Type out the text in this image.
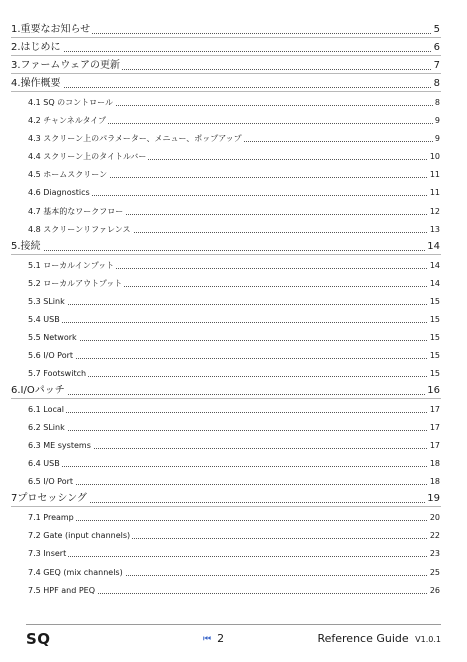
1.重要なお知らせ	5
2.はじめに	6
3.ファームウェアの更新	7
4.操作概要	8
4.1 SQ のコントロール	8
4.2 チャンネルタイプ	9
4.3 スクリーン上のパラメーター、メニュー、ポップアップ	9
4.4 スクリーン上のタイトルバー	10
4.5 ホームスクリーン	11
4.6 Diagnostics	11
4.7 基本的なワークフロー	12
4.8 スクリーンリファレンス	13
5.接続	14
5.1 ローカルインプット	14
5.2 ローカルアウトプット	14
5.3 SLink	15
5.4 USB	15
5.5 Network	15
5.6 I/O Port	15
5.7 Footswitch	15
6.I/Oパッチ	16
6.1 Local	17
6.2 SLink	17
6.3 ME systems	17
6.4 USB	18
6.5 I/O Port	18
7プロセッシング	19
7.1 Preamp	20
7.2 Gate (input channels)	22
7.3 Insert	23
7.4 GEQ (mix channels)	25
7.5 HPF and PEQ	26
SQ	⏮ 2	Reference Guide V1.0.1
